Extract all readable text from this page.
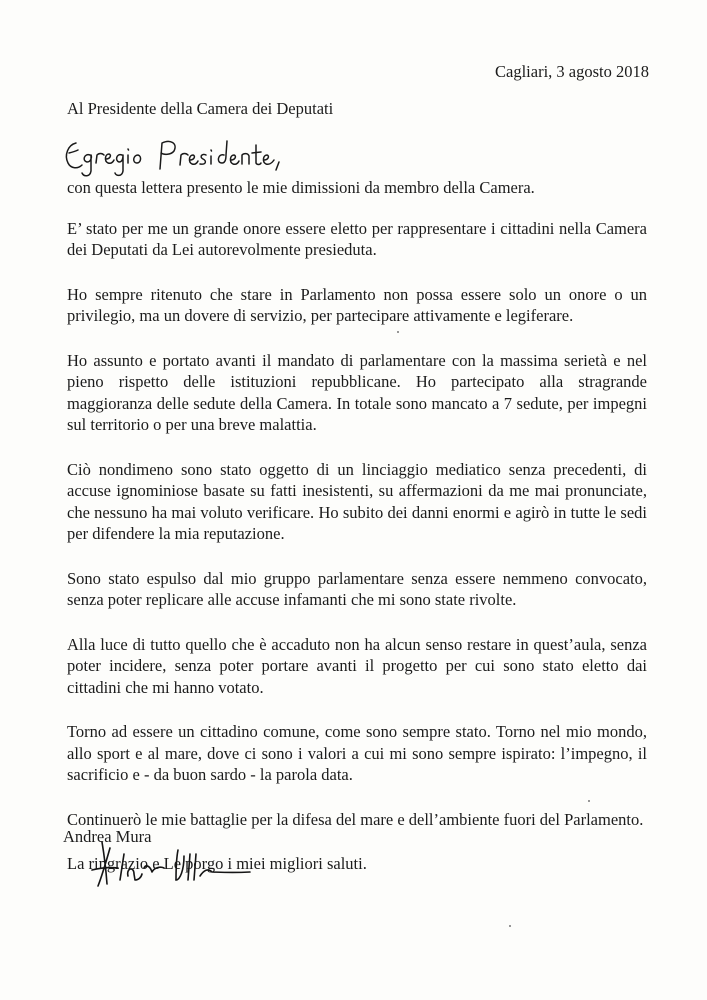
Cagliari, 3 agosto 2018
Al Presidente della Camera dei Deputati

con questa lettera presento le mie dimissioni da membro della Camera.

E’ stato per me un grande onore essere eletto per rappresentare i cittadini nella Camera dei Deputati da Lei autorevolmente presieduta.

Ho sempre ritenuto che stare in Parlamento non possa essere solo un onore o un privilegio, ma un dovere di servizio, per partecipare attivamente e legiferare.

Ho assunto e portato avanti il mandato di parlamentare con la massima serietà e nel pieno rispetto delle istituzioni repubblicane. Ho partecipato alla stragrande maggioranza delle sedute della Camera. In totale sono mancato a 7 sedute, per impegni sul territorio o per una breve malattia.

Ciò nondimeno sono stato oggetto di un linciaggio mediatico senza precedenti, di accuse ignominiose basate su fatti inesistenti, su affermazioni da me mai pronunciate, che nessuno ha mai voluto verificare. Ho subito dei danni enormi e agirò in tutte le sedi per difendere la mia reputazione.

Sono stato espulso dal mio gruppo parlamentare senza essere nemmeno convocato, senza poter replicare alle accuse infamanti che mi sono state rivolte.

Alla luce di tutto quello che è accaduto non ha alcun senso restare in quest’aula, senza poter incidere, senza poter portare avanti il progetto per cui sono stato eletto dai cittadini che mi hanno votato.

Torno ad essere un cittadino comune, come sono sempre stato. Torno nel mio mondo, allo sport e al mare, dove ci sono i valori a cui mi sono sempre ispirato: l’impegno, il sacrificio e - da buon sardo - la parola data.

Continuerò le mie battaglie per la difesa del mare e dell’ambiente fuori del Parlamento.

La ringrazio e Le porgo i miei migliori saluti.

Andrea Mura
